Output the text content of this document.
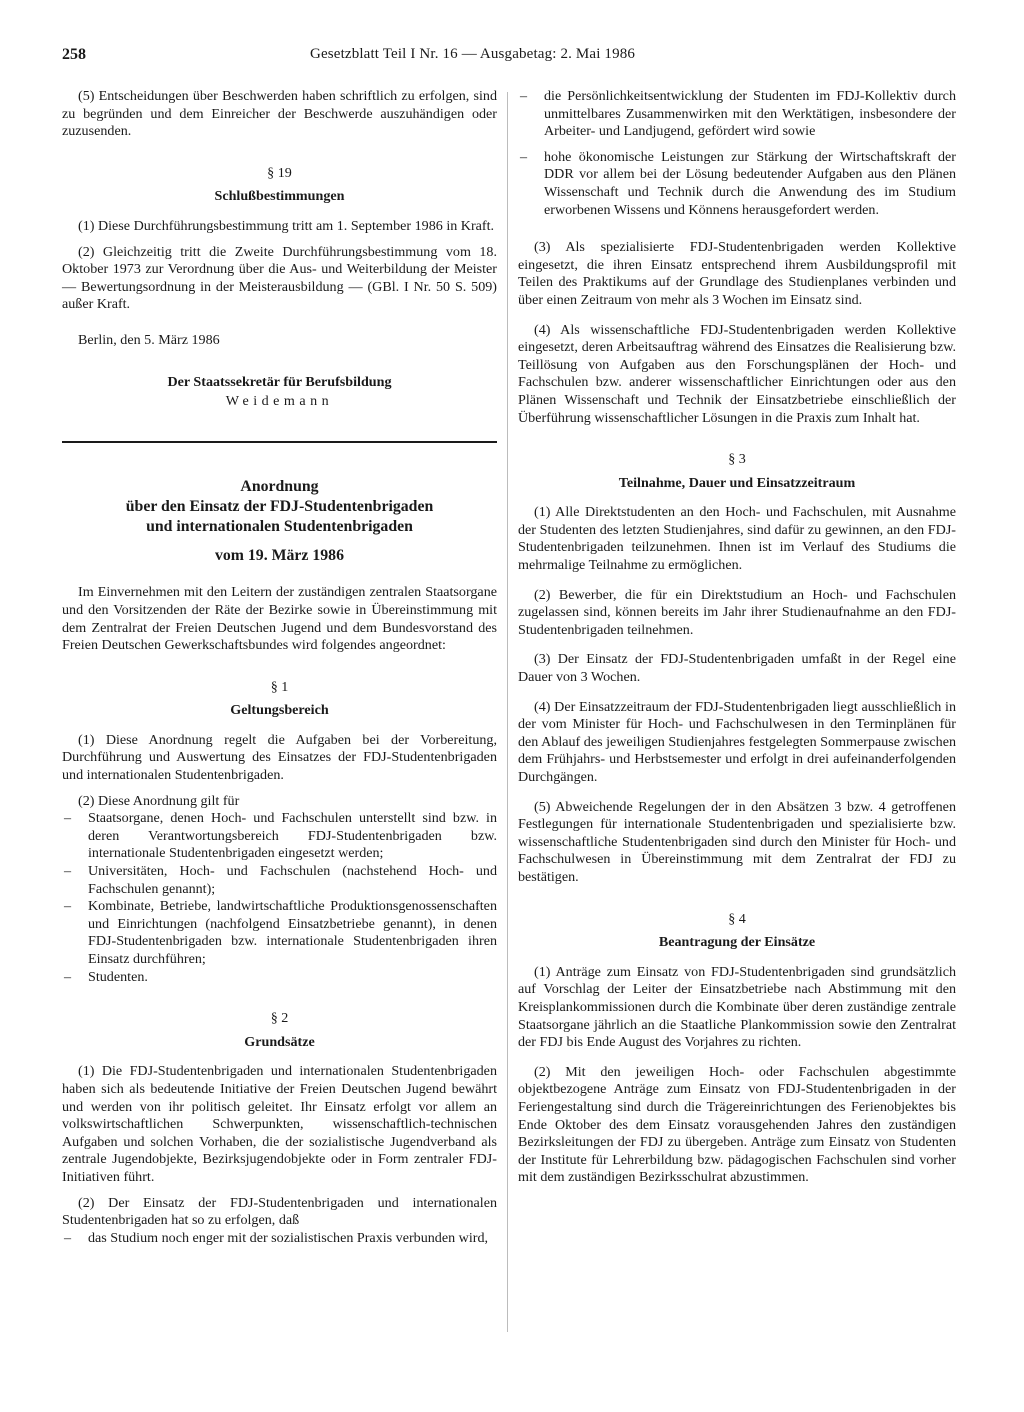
258	Gesetzblatt Teil I Nr. 16 — Ausgabetag: 2. Mai 1986

(5) Entscheidungen über Beschwerden haben schriftlich zu erfolgen, sind zu begründen und dem Einreicher der Beschwerde auszuhändigen oder zuzusenden.

§ 19
Schlußbestimmungen

(1) Diese Durchführungsbestimmung tritt am 1. September 1986 in Kraft.

(2) Gleichzeitig tritt die Zweite Durchführungsbestimmung vom 18. Oktober 1973 zur Verordnung über die Aus- und Weiterbildung der Meister — Bewertungsordnung in der Meisterausbildung — (GBl. I Nr. 50 S. 509) außer Kraft.

Berlin, den 5. März 1986

Der Staatssekretär für Berufsbildung
Weidemann
Anordnung
über den Einsatz der FDJ-Studentenbrigaden
und internationalen Studentenbrigaden
vom 19. März 1986

Im Einvernehmen mit den Leitern der zuständigen zentralen Staatsorgane und den Vorsitzenden der Räte der Bezirke sowie in Übereinstimmung mit dem Zentralrat der Freien Deutschen Jugend und dem Bundesvorstand des Freien Deutschen Gewerkschaftsbundes wird folgendes angeordnet:

§ 1
Geltungsbereich

(1) Diese Anordnung regelt die Aufgaben bei der Vorbereitung, Durchführung und Auswertung des Einsatzes der FDJ-Studentenbrigaden und internationalen Studentenbrigaden.

(2) Diese Anordnung gilt für

– Staatsorgane, denen Hoch- und Fachschulen unterstellt sind bzw. in deren Verantwortungsbereich FDJ-Studentenbrigaden bzw. internationale Studentenbrigaden eingesetzt werden;
– Universitäten, Hoch- und Fachschulen (nachstehend Hoch- und Fachschulen genannt);
– Kombinate, Betriebe, landwirtschaftliche Produktionsgenossenschaften und Einrichtungen (nachfolgend Einsatzbetriebe genannt), in denen FDJ-Studentenbrigaden bzw. internationale Studentenbrigaden ihren Einsatz durchführen;
– Studenten.
§ 2
Grundsätze

(1) Die FDJ-Studentenbrigaden und internationalen Studentenbrigaden haben sich als bedeutende Initiative der Freien Deutschen Jugend bewährt und werden von ihr politisch geleitet. Ihr Einsatz erfolgt vor allem an volkswirtschaftlichen Schwerpunkten, wissenschaftlich-technischen Aufgaben und solchen Vorhaben, die der sozialistische Jugendverband als zentrale Jugendobjekte, Bezirksjugendobjekte oder in Form zentraler FDJ-Initiativen führt.

(2) Der Einsatz der FDJ-Studentenbrigaden und internationalen Studentenbrigaden hat so zu erfolgen, daß

– das Studium noch enger mit der sozialistischen Praxis verbunden wird,
– die Persönlichkeitsentwicklung der Studenten im FDJ-Kollektiv durch unmittelbares Zusammenwirken mit den Werktätigen, insbesondere der Arbeiter- und Landjugend, gefördert wird sowie
– hohe ökonomische Leistungen zur Stärkung der Wirtschaftskraft der DDR vor allem bei der Lösung bedeutender Aufgaben aus den Plänen Wissenschaft und Technik durch die Anwendung des im Studium erworbenen Wissens und Könnens herausgefordert werden.

(3) Als spezialisierte FDJ-Studentenbrigaden werden Kollektive eingesetzt, die ihren Einsatz entsprechend ihrem Ausbildungsprofil mit Teilen des Praktikums auf der Grundlage des Studienplanes verbinden und über einen Zeitraum von mehr als 3 Wochen im Einsatz sind.

(4) Als wissenschaftliche FDJ-Studentenbrigaden werden Kollektive eingesetzt, deren Arbeitsauftrag während des Einsatzes die Realisierung bzw. Teillösung von Aufgaben aus den Forschungsplänen der Hoch- und Fachschulen bzw. anderer wissenschaftlicher Einrichtungen oder aus den Plänen Wissenschaft und Technik der Einsatzbetriebe einschließlich der Überführung wissenschaftlicher Lösungen in die Praxis zum Inhalt hat.

§ 3
Teilnahme, Dauer und Einsatzzeitraum

(1) Alle Direktstudenten an den Hoch- und Fachschulen, mit Ausnahme der Studenten des letzten Studienjahres, sind dafür zu gewinnen, an den FDJ-Studentenbrigaden teilzunehmen. Ihnen ist im Verlauf des Studiums die mehrmalige Teilnahme zu ermöglichen.

(2) Bewerber, die für ein Direktstudium an Hoch- und Fachschulen zugelassen sind, können bereits im Jahr ihrer Studienaufnahme an den FDJ-Studentenbrigaden teilnehmen.

(3) Der Einsatz der FDJ-Studentenbrigaden umfaßt in der Regel eine Dauer von 3 Wochen.

(4) Der Einsatzzeitraum der FDJ-Studentenbrigaden liegt ausschließlich in der vom Minister für Hoch- und Fachschulwesen in den Terminplänen für den Ablauf des jeweiligen Studienjahres festgelegten Sommerpause zwischen dem Frühjahrs- und Herbstsemester und erfolgt in drei aufeinanderfolgenden Durchgängen.

(5) Abweichende Regelungen der in den Absätzen 3 bzw. 4 getroffenen Festlegungen für internationale Studentenbrigaden und spezialisierte bzw. wissenschaftliche Studentenbrigaden sind durch den Minister für Hoch- und Fachschulwesen in Übereinstimmung mit dem Zentralrat der FDJ zu bestätigen.

§ 4
Beantragung der Einsätze

(1) Anträge zum Einsatz von FDJ-Studentenbrigaden sind grundsätzlich auf Vorschlag der Leiter der Einsatzbetriebe nach Abstimmung mit den Kreisplankommissionen durch die Kombinate über deren zuständige zentrale Staatsorgane jährlich an die Staatliche Plankommission sowie den Zentralrat der FDJ bis Ende August des Vorjahres zu richten.

(2) Mit den jeweiligen Hoch- oder Fachschulen abgestimmte objektbezogene Anträge zum Einsatz von FDJ-Studentenbrigaden in der Feriengestaltung sind durch die Trägereinrichtungen des Ferienobjektes bis Ende Oktober des dem Einsatz vorausgehenden Jahres den zuständigen Bezirksleitungen der FDJ zu übergeben. Anträge zum Einsatz von Studenten der Institute für Lehrerbildung bzw. pädagogischen Fachschulen sind vorher mit dem zuständigen Bezirksschulrat abzustimmen.
